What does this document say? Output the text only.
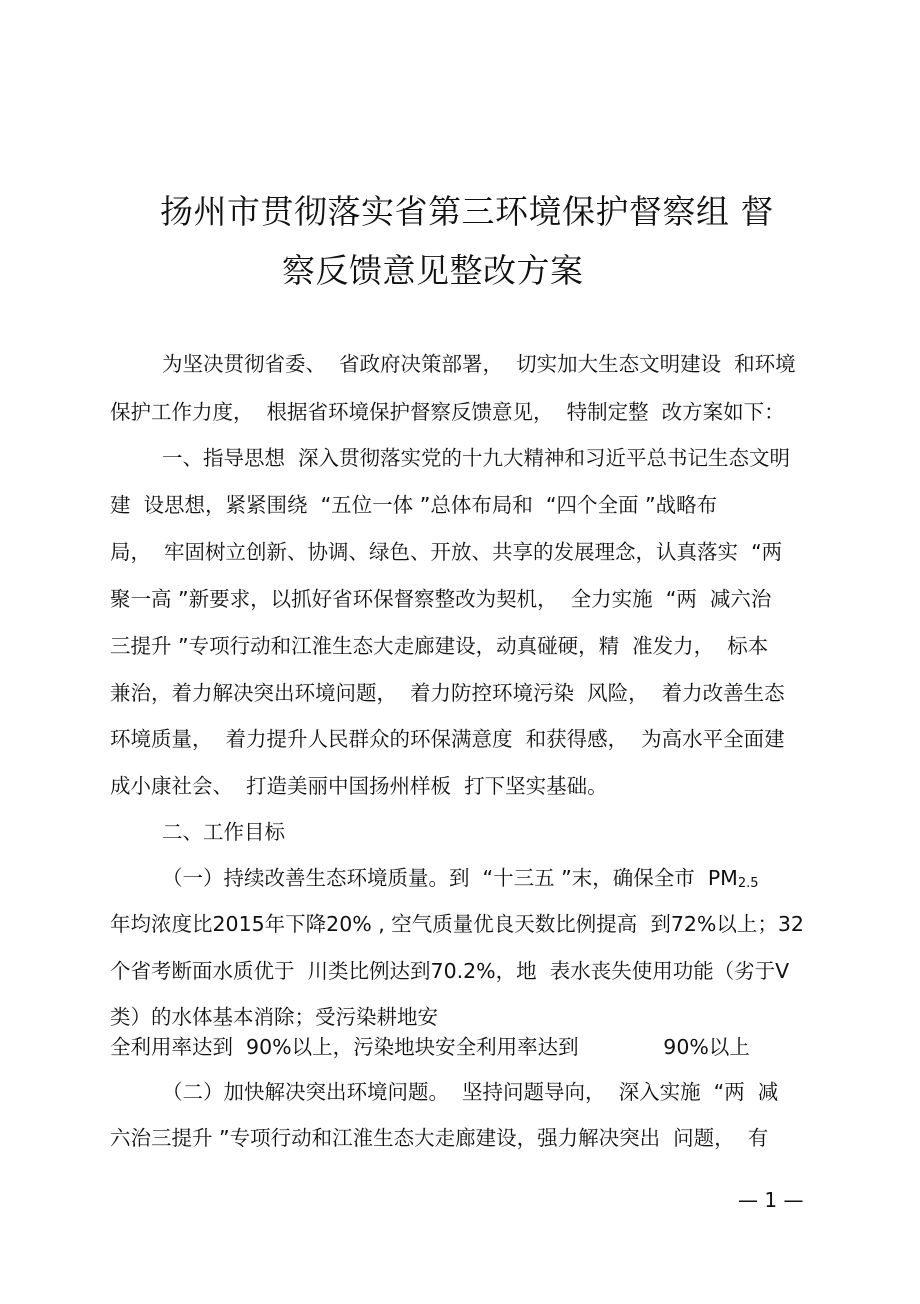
扬州市贯彻落实省第三环境保护督察组 督
察反馈意见整改方案
为坚决贯彻省委、  省政府决策部署，  切实加大生态文明建设  和环境
保护工作力度，  根据省环境保护督察反馈意见，  特制定整  改方案如下：
一、指导思想  深入贯彻落实党的十九大精神和习近平总书记生态文明
建  设思想，紧紧围绕  “五位一体 ”总体布局和  “四个全面 ”战略布
局，  牢固树立创新、协调、绿色、开放、共享的发展理念，认真落实  “两
聚一高 ”新要求，以抓好省环保督察整改为契机，  全力实施  “两  减六治
三提升 ”专项行动和江淮生态大走廊建设，动真碰硬，精  准发力，  标本
兼治，着力解决突出环境问题，  着力防控环境污染  风险，  着力改善生态
环境质量，  着力提升人民群众的环保满意度  和获得感，  为高水平全面建
成小康社会、  打造美丽中国扬州样板  打下坚实基础。
二、工作目标
（一）持续改善生态环境质量。到  “十三五 ”末，确保全市  PM2.5
年均浓度比2015年下降20% , 空气质量优良天数比例提高  到72%以上；32
个省考断面水质优于  川类比例达到70.2%，地  表水丧失使用功能（劣于V
类）的水体基本消除；受污染耕地安
全利用率达到  90%以上，污染地块安全利用率达到             90%以上
（二）加快解决突出环境问题。  坚持问题导向，  深入实施  “两  减
六治三提升 ”专项行动和江淮生态大走廊建设，强力解决突出  问题，  有
— 1 —
